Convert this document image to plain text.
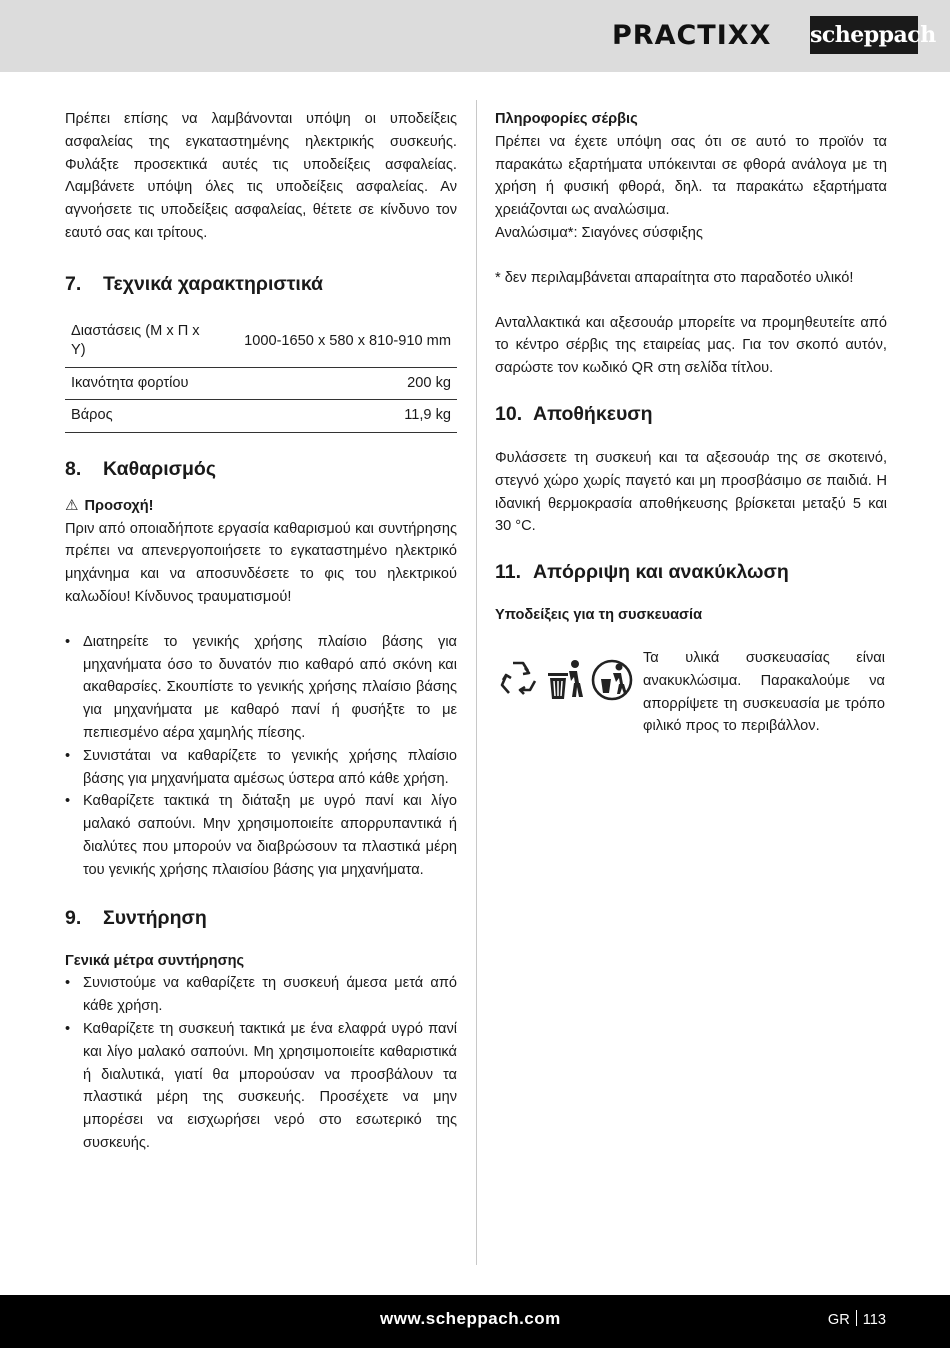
PRACTIXX scheppach

Πρέπει επίσης να λαμβάνονται υπόψη οι υποδείξεις ασφαλείας της εγκαταστημένης ηλεκτρικής συσκευής. Φυλάξτε προσεκτικά αυτές τις υποδείξεις ασφαλείας. Λαμβάνετε υπόψη όλες τις υποδείξεις ασφαλείας. Αν αγνοήσετε τις υποδείξεις ασφαλείας, θέτετε σε κίνδυνο τον εαυτό σας και τρίτους.

7.	Τεχνικά χαρακτηριστικά
Διαστάσεις (Μ x Π x Υ)	1000-1650 x 580 x 810-910 mm
Ικανότητα φορτίου	200 kg
Βάρος	11,9 kg
8.	Καθαρισμός
⚠ Προσοχή!

Πριν από οποιαδήποτε εργασία καθαρισμού και συντήρησης πρέπει να απενεργοποιήσετε το εγκαταστημένο ηλεκτρικό μηχάνημα και να αποσυνδέσετε το φις του ηλεκτρικού καλωδίου! Κίνδυνος τραυματισμού!

• Διατηρείτε το γενικής χρήσης πλαίσιο βάσης για μηχανήματα όσο το δυνατόν πιο καθαρό από σκόνη και ακαθαρσίες. Σκουπίστε το γενικής χρήσης πλαίσιο βάσης για μηχανήματα με καθαρό πανί ή φυσήξτε το με πεπιεσμένο αέρα χαμηλής πίεσης.
• Συνιστάται να καθαρίζετε το γενικής χρήσης πλαίσιο βάσης για μηχανήματα αμέσως ύστερα από κάθε χρήση.
• Καθαρίζετε τακτικά τη διάταξη με υγρό πανί και λίγο μαλακό σαπούνι. Μην χρησιμοποιείτε απορρυπαντικά ή διαλύτες που μπορούν να διαβρώσουν τα πλαστικά μέρη του γενικής χρήσης πλαισίου βάσης για μηχανήματα.
9.	Συντήρηση
Γενικά μέτρα συντήρησης
• Συνιστούμε να καθαρίζετε τη συσκευή άμεσα μετά από κάθε χρήση.
• Καθαρίζετε τη συσκευή τακτικά με ένα ελαφρά υγρό πανί και λίγο μαλακό σαπούνι. Μη χρησιμοποιείτε καθαριστικά ή διαλυτικά, γιατί θα μπορούσαν να προσβάλουν τα πλαστικά μέρη της συσκευής. Προσέχετε να μην μπορέσει να εισχωρήσει νερό στο εσωτερικό της συσκευής.
Πληροφορίες σέρβις

Πρέπει να έχετε υπόψη σας ότι σε αυτό το προϊόν τα παρακάτω εξαρτήματα υπόκεινται σε φθορά ανάλογα με τη χρήση ή φυσική φθορά, δηλ. τα παρακάτω εξαρτήματα χρειάζονται ως αναλώσιμα.

Αναλώσιμα*: Σιαγόνες σύσφιξης

* δεν περιλαμβάνεται απαραίτητα στο παραδοτέο υλικό!

Ανταλλακτικά και αξεσουάρ μπορείτε να προμηθευτείτε από το κέντρο σέρβις της εταιρείας μας. Για τον σκοπό αυτόν, σαρώστε τον κωδικό QR στη σελίδα τίτλου.

10. Αποθήκευση

Φυλάσσετε τη συσκευή και τα αξεσουάρ της σε σκοτεινό, στεγνό χώρο χωρίς παγετό και μη προσβάσιμο σε παιδιά. Η ιδανική θερμοκρασία αποθήκευσης βρίσκεται μεταξύ 5 και 30 °C.

11. Απόρριψη και ανακύκλωση
Υποδείξεις για τη συσκευασία

Τα υλικά συσκευασίας είναι ανακυκλώσιμα. Παρακαλούμε να απορρίψετε τη συσκευασία με τρόπο φιλικό προς το περιβάλλον.

www.scheppach.com	GR 113
